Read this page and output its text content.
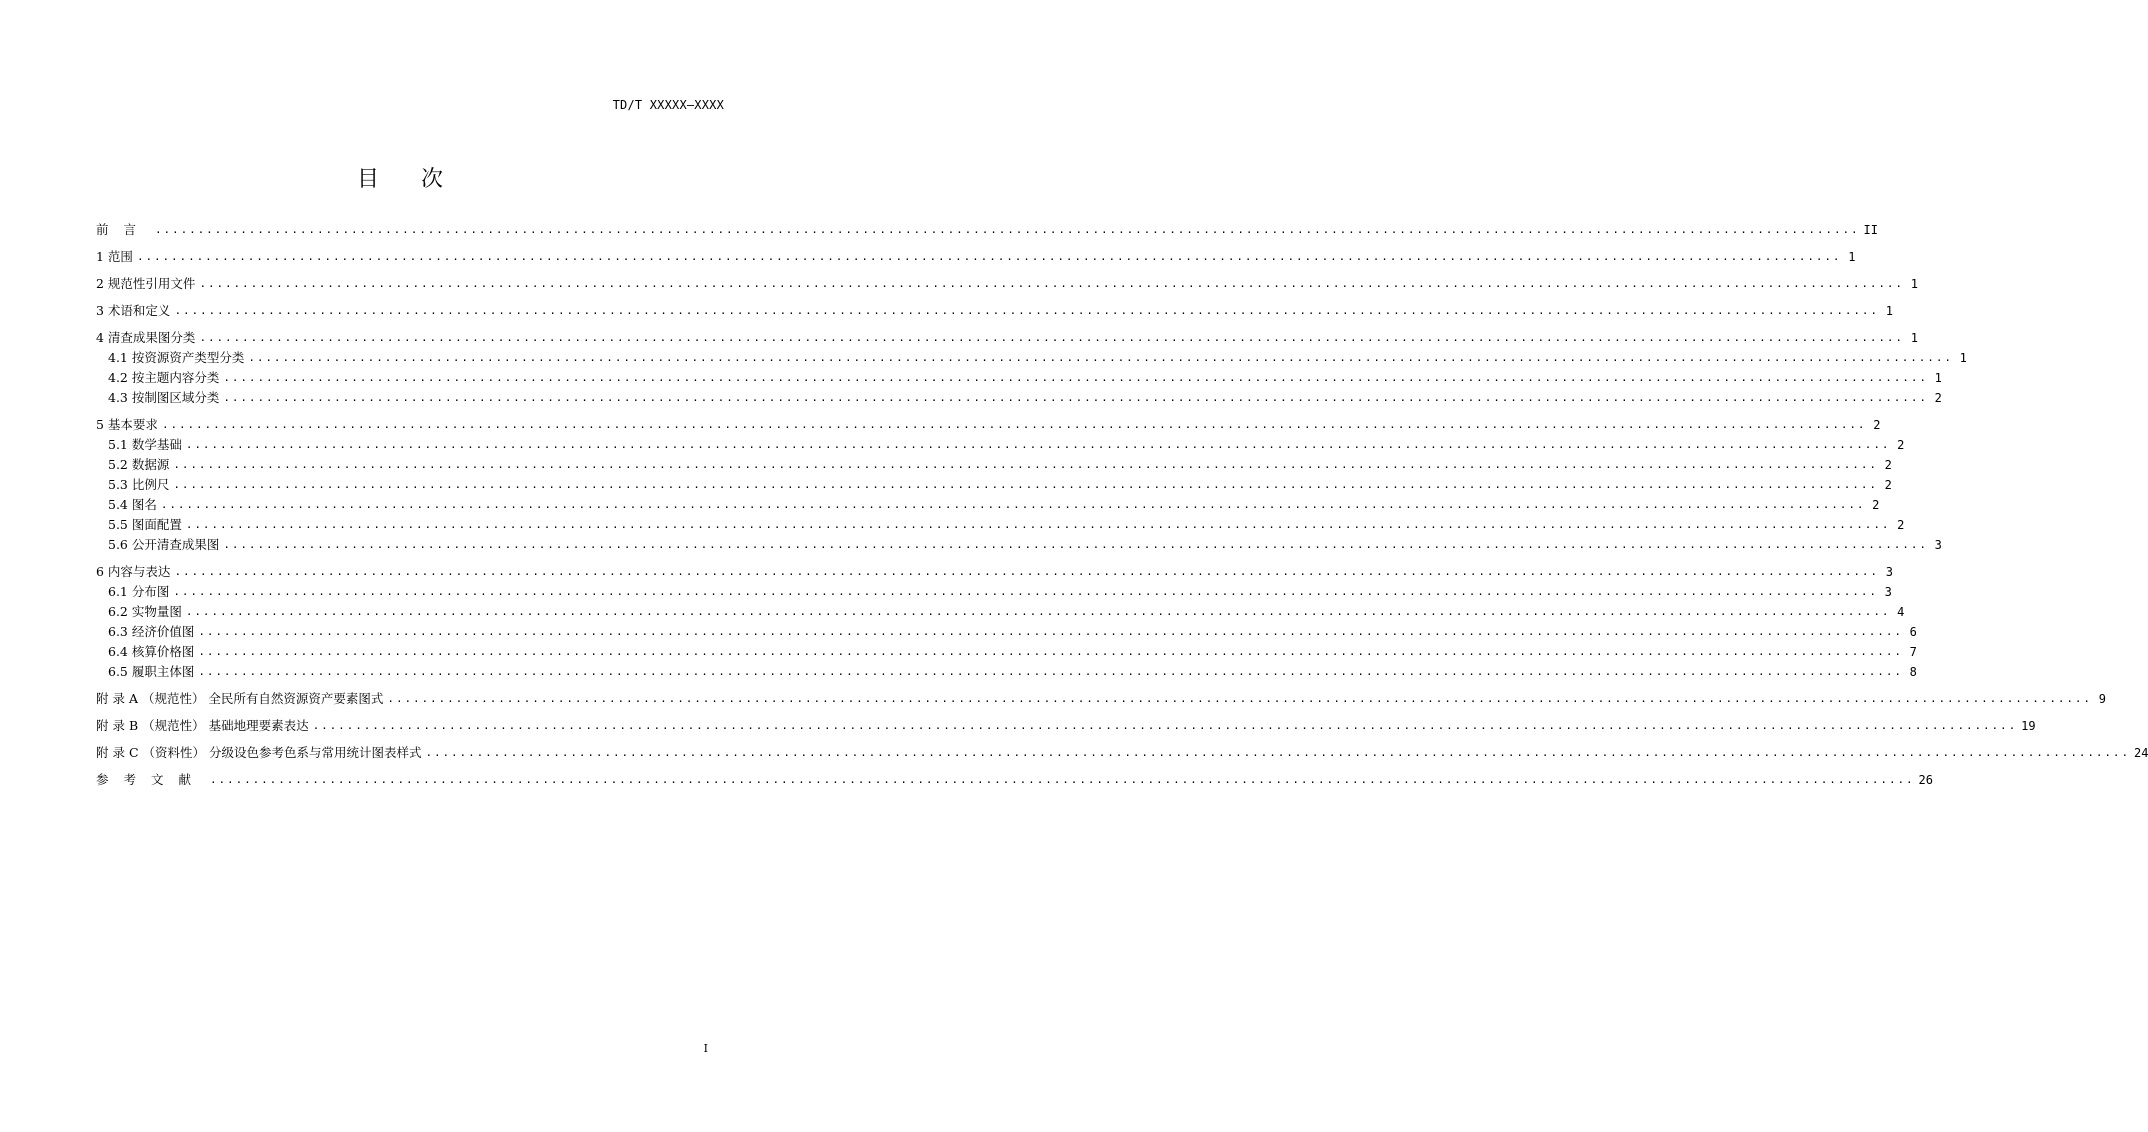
TD/T XXXXX—XXXX
目次
前言 ........................................................................................................................................................................................................ II
1 范围 ........................................................................................................................................................................................................ 1
2 规范性引用文件 ........................................................................................................................................................................................................ 1
3 术语和定义 ........................................................................................................................................................................................................ 1
4 清查成果图分类 ........................................................................................................................................................................................................ 1
4.1 按资源资产类型分类 ........................................................................................................................................................................................................ 1
4.2 按主题内容分类 ........................................................................................................................................................................................................ 1
4.3 按制图区域分类 ........................................................................................................................................................................................................ 2
5 基本要求 ........................................................................................................................................................................................................ 2
5.1 数学基础 ........................................................................................................................................................................................................ 2
5.2 数据源 ........................................................................................................................................................................................................ 2
5.3 比例尺 ........................................................................................................................................................................................................ 2
5.4 图名 ........................................................................................................................................................................................................ 2
5.5 图面配置 ........................................................................................................................................................................................................ 2
5.6 公开清查成果图 ........................................................................................................................................................................................................ 3
6 内容与表达 ........................................................................................................................................................................................................ 3
6.1 分布图 ........................................................................................................................................................................................................ 3
6.2 实物量图 ........................................................................................................................................................................................................ 4
6.3 经济价值图 ........................................................................................................................................................................................................ 6
6.4 核算价格图 ........................................................................................................................................................................................................ 7
6.5 履职主体图 ........................................................................................................................................................................................................ 8
附 录 A （规范性） 全民所有自然资源资产要素图式 ........................................................................................................................................................................................................ 9
附 录 B （规范性） 基础地理要素表达 ........................................................................................................................................................................................................ 19
附 录 C （资料性） 分级设色参考色系与常用统计图表样式 ........................................................................................................................................................................................................ 24
参考文献 ........................................................................................................................................................................................................ 26
I
